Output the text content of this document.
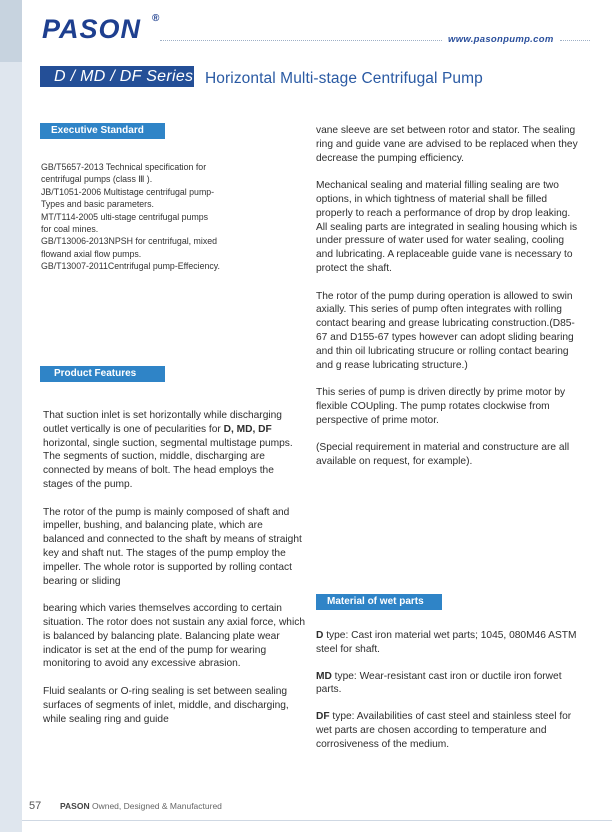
PASON ®
www.pasonpump.com
D / MD / DF Series Horizontal Multi-stage Centrifugal Pump
Executive Standard
GB/T5657-2013 Technical specification for
centrifugal pumps (class Ⅲ ).
JB/T1051-2006 Multistage centrifugal pump-
Types and basic parameters.
MT/T114-2005 ulti-stage centrifugal pumps
for coal mines.
GB/T13006-2013NPSH for centrifugal, mixed
flowand axial flow pumps.
GB/T13007-2011Centrifugal pump-Effeciency.
Product Features

That suction inlet is set horizontally while discharging outlet vertically is one of pecularities for D, MD, DF horizontal, single suction, segmental multistage pumps. The segments of suction, middle, discharging are connected by means of bolt. The head employs the stages of the pump.

The rotor of the pump is mainly composed of shaft and impeller, bushing, and balancing plate, which are balanced and connected to the shaft by means of straight key and shaft nut. The stages of the pump employ the impeller. The whole rotor is supported by rolling contact bearing or sliding

bearing which varies themselves according to certain situation. The rotor does not sustain any axial force, which is balanced by balancing plate. Balancing plate wear indicator is set at the end of the pump for wearing monitoring to avoid any excessive abrasion.

Fluid sealants or O-ring sealing is set between sealing surfaces of segments of inlet, middle, and discharging, while sealing ring and guide

vane sleeve are set between rotor and stator. The sealing ring and guide vane are advised to be replaced when they decrease the pumping efficiency.

Mechanical sealing and material filling sealing are two options, in which tightness of material shall be filled properly to reach a performance of drop by drop leaking. All sealing parts are integrated in sealing housing which is under pressure of water used for water sealing, cooling and lubricating. A replaceable guide vane is necessary to protect the shaft.

The rotor of the pump during operation is allowed to swin axially. This series of pump often integrates with rolling contact bearing and grease lubricating construction.(D85-67 and D155-67 types however can adopt sliding bearing and thin oil lubricating strucure or rolling contact bearing and g rease lubricating structure.)

This series of pump is driven directly by prime motor by flexible COUpling. The pump rotates clockwise from perspective of prime motor.

(Special requirement in material and constructure are all available on request, for example).

Material of wet parts

D type: Cast iron material wet parts; 1045, 080M46 ASTM steel for shaft.

MD type: Wear-resistant cast iron or ductile iron forwet parts.

DF type: Availabilities of cast steel and stainless steel for wet parts are chosen according to temperature and corrosiveness of the medium.

57 PASON Owned, Designed & Manufactured
